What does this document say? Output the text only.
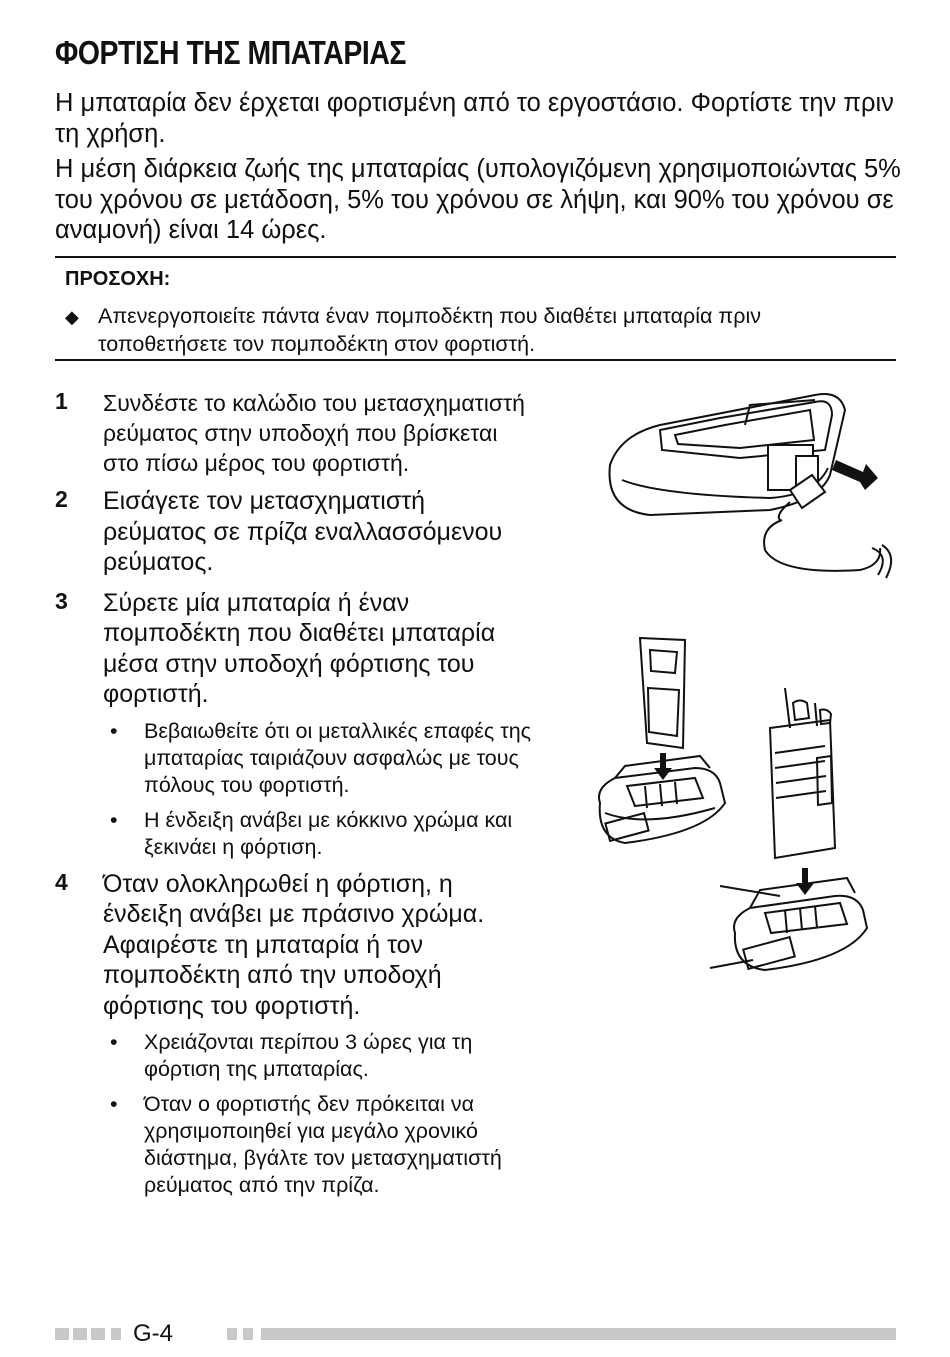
ΦΟΡΤΙΣΗ ΤΗΣ ΜΠΑΤΑΡΙΑΣ

Η μπαταρία δεν έρχεται φορτισμένη από το εργοστάσιο. Φορτίστε την πριν τη χρήση.

Η μέση διάρκεια ζωής της μπαταρίας (υπολογιζόμενη χρησιμοποιώντας 5% του χρόνου σε μετάδοση, 5% του χρόνου σε λήψη, και 90% του χρόνου σε αναμονή) είναι 14 ώρες.

ΠΡΟΣΟΧΗ:
◆ Απενεργοποιείτε πάντα έναν πομποδέκτη που διαθέτει μπαταρία πριν τοποθετήσετε τον πομποδέκτη στον φορτιστή.
1 Συνδέστε το καλώδιο του μετασχηματιστή ρεύματος στην υποδοχή που βρίσκεται στο πίσω μέρος του φορτιστή.
2 Εισάγετε τον μετασχηματιστή ρεύματος σε πρίζα εναλλασσόμενου ρεύματος.
3 Σύρετε μία μπαταρία ή έναν πομποδέκτη που διαθέτει μπαταρία μέσα στην υποδοχή φόρτισης του φορτιστή.
• Βεβαιωθείτε ότι οι μεταλλικές επαφές της μπαταρίας ταιριάζουν ασφαλώς με τους πόλους του φορτιστή.
• Η ένδειξη ανάβει με κόκκινο χρώμα και ξεκινάει η φόρτιση.
4 Όταν ολοκληρωθεί η φόρτιση, η ένδειξη ανάβει με πράσινο χρώμα. Αφαιρέστε τη μπαταρία ή τον πομποδέκτη από την υποδοχή φόρτισης του φορτιστή.
• Χρειάζονται περίπου 3 ώρες για τη φόρτιση της μπαταρίας.
• Όταν ο φορτιστής δεν πρόκειται να χρησιμοποιηθεί για μεγάλο χρονικό διάστημα, βγάλτε τον μετασχηματιστή ρεύματος από την πρίζα.
G-4
